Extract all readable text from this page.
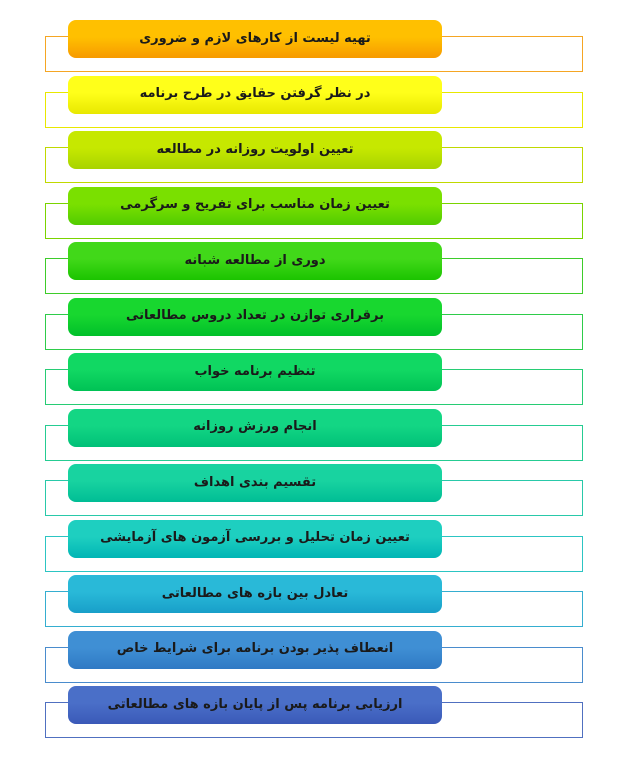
تهیه لیست از کارهای لازم و ضروری
در نظر گرفتن حقایق در طرح برنامه
تعیین اولویت روزانه در مطالعه
تعیین زمان مناسب برای تفریح و سرگرمی
دوری از مطالعه شبانه
برقراری توازن در تعداد دروس مطالعاتی
تنظیم برنامه خواب
انجام ورزش روزانه
تقسیم بندی اهداف
تعیین زمان تحلیل و بررسی آزمون های آزمایشی
تعادل بین بازه های مطالعاتی
انعطاف پذیر بودن برنامه برای شرایط خاص
ارزیابی برنامه پس از پایان بازه های مطالعاتی
